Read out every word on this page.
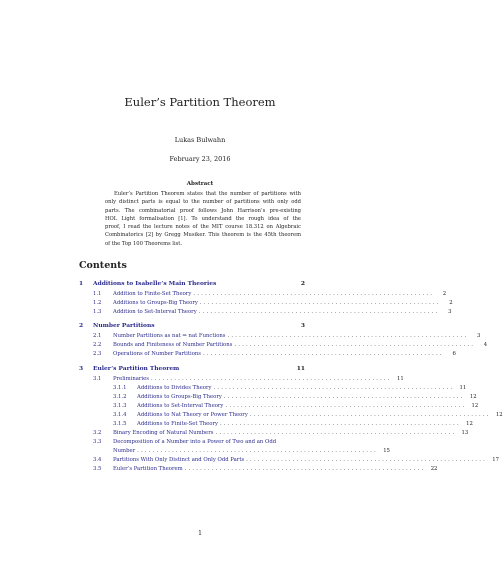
Euler’s Partition Theorem
Lukas Bulwahn
February 23, 2016
Abstract
Euler’s Partition Theorem states that the number of partitions with
only distinct parts is equal to the number of partitions with only odd
parts. The combinatorial proof follows John Harrison’s pre-existing
HOL Light formalisation [1]. To understand the rough idea of the
proof, I read the lecture notes of the MIT course 18.312 on Algebraic
Combinatorics [2] by Gregg Musiker. This theorem is the 45th theorem
of the Top 100 Theorems list.
Contents
1	Additions to Isabelle’s Main Theories	2
1.1	Addition to Finite-Set Theory ..............................................................	2
1.2	Additions to Groups-Big Theory ..............................................................	2
1.3	Addition to Set-Interval Theory ..............................................................	3
2	Number Partitions	3
2.1	Number Partitions as nat ⇒ nat Functions ..............................................................	3
2.2	Bounds and Finiteness of Number Partitions ..............................................................	4
2.3	Operations of Number Partitions ..............................................................	6
3	Euler’s Partition Theorem	11
3.1	Preliminaries .............................................................. 11
3.1.1	Additions to Divides Theory .............................................................. 11
3.1.2	Additions to Groups-Big Theory .............................................................. 12
3.1.3	Additions to Set-Interval Theory .............................................................. 12
3.1.4	Additions to Nat Theory or Power Theory .............................................................. 12
3.1.5	Additions to Finite-Set Theory .............................................................. 12
3.2	Binary Encoding of Natural Numbers .............................................................. 13
3.3	Decomposition of a Number into a Power of Two and an Odd
Number .............................................................. 15
3.4	Partitions With Only Distinct and Only Odd Parts .............................................................. 17
3.5	Euler’s Partition Theorem .............................................................. 22
1
